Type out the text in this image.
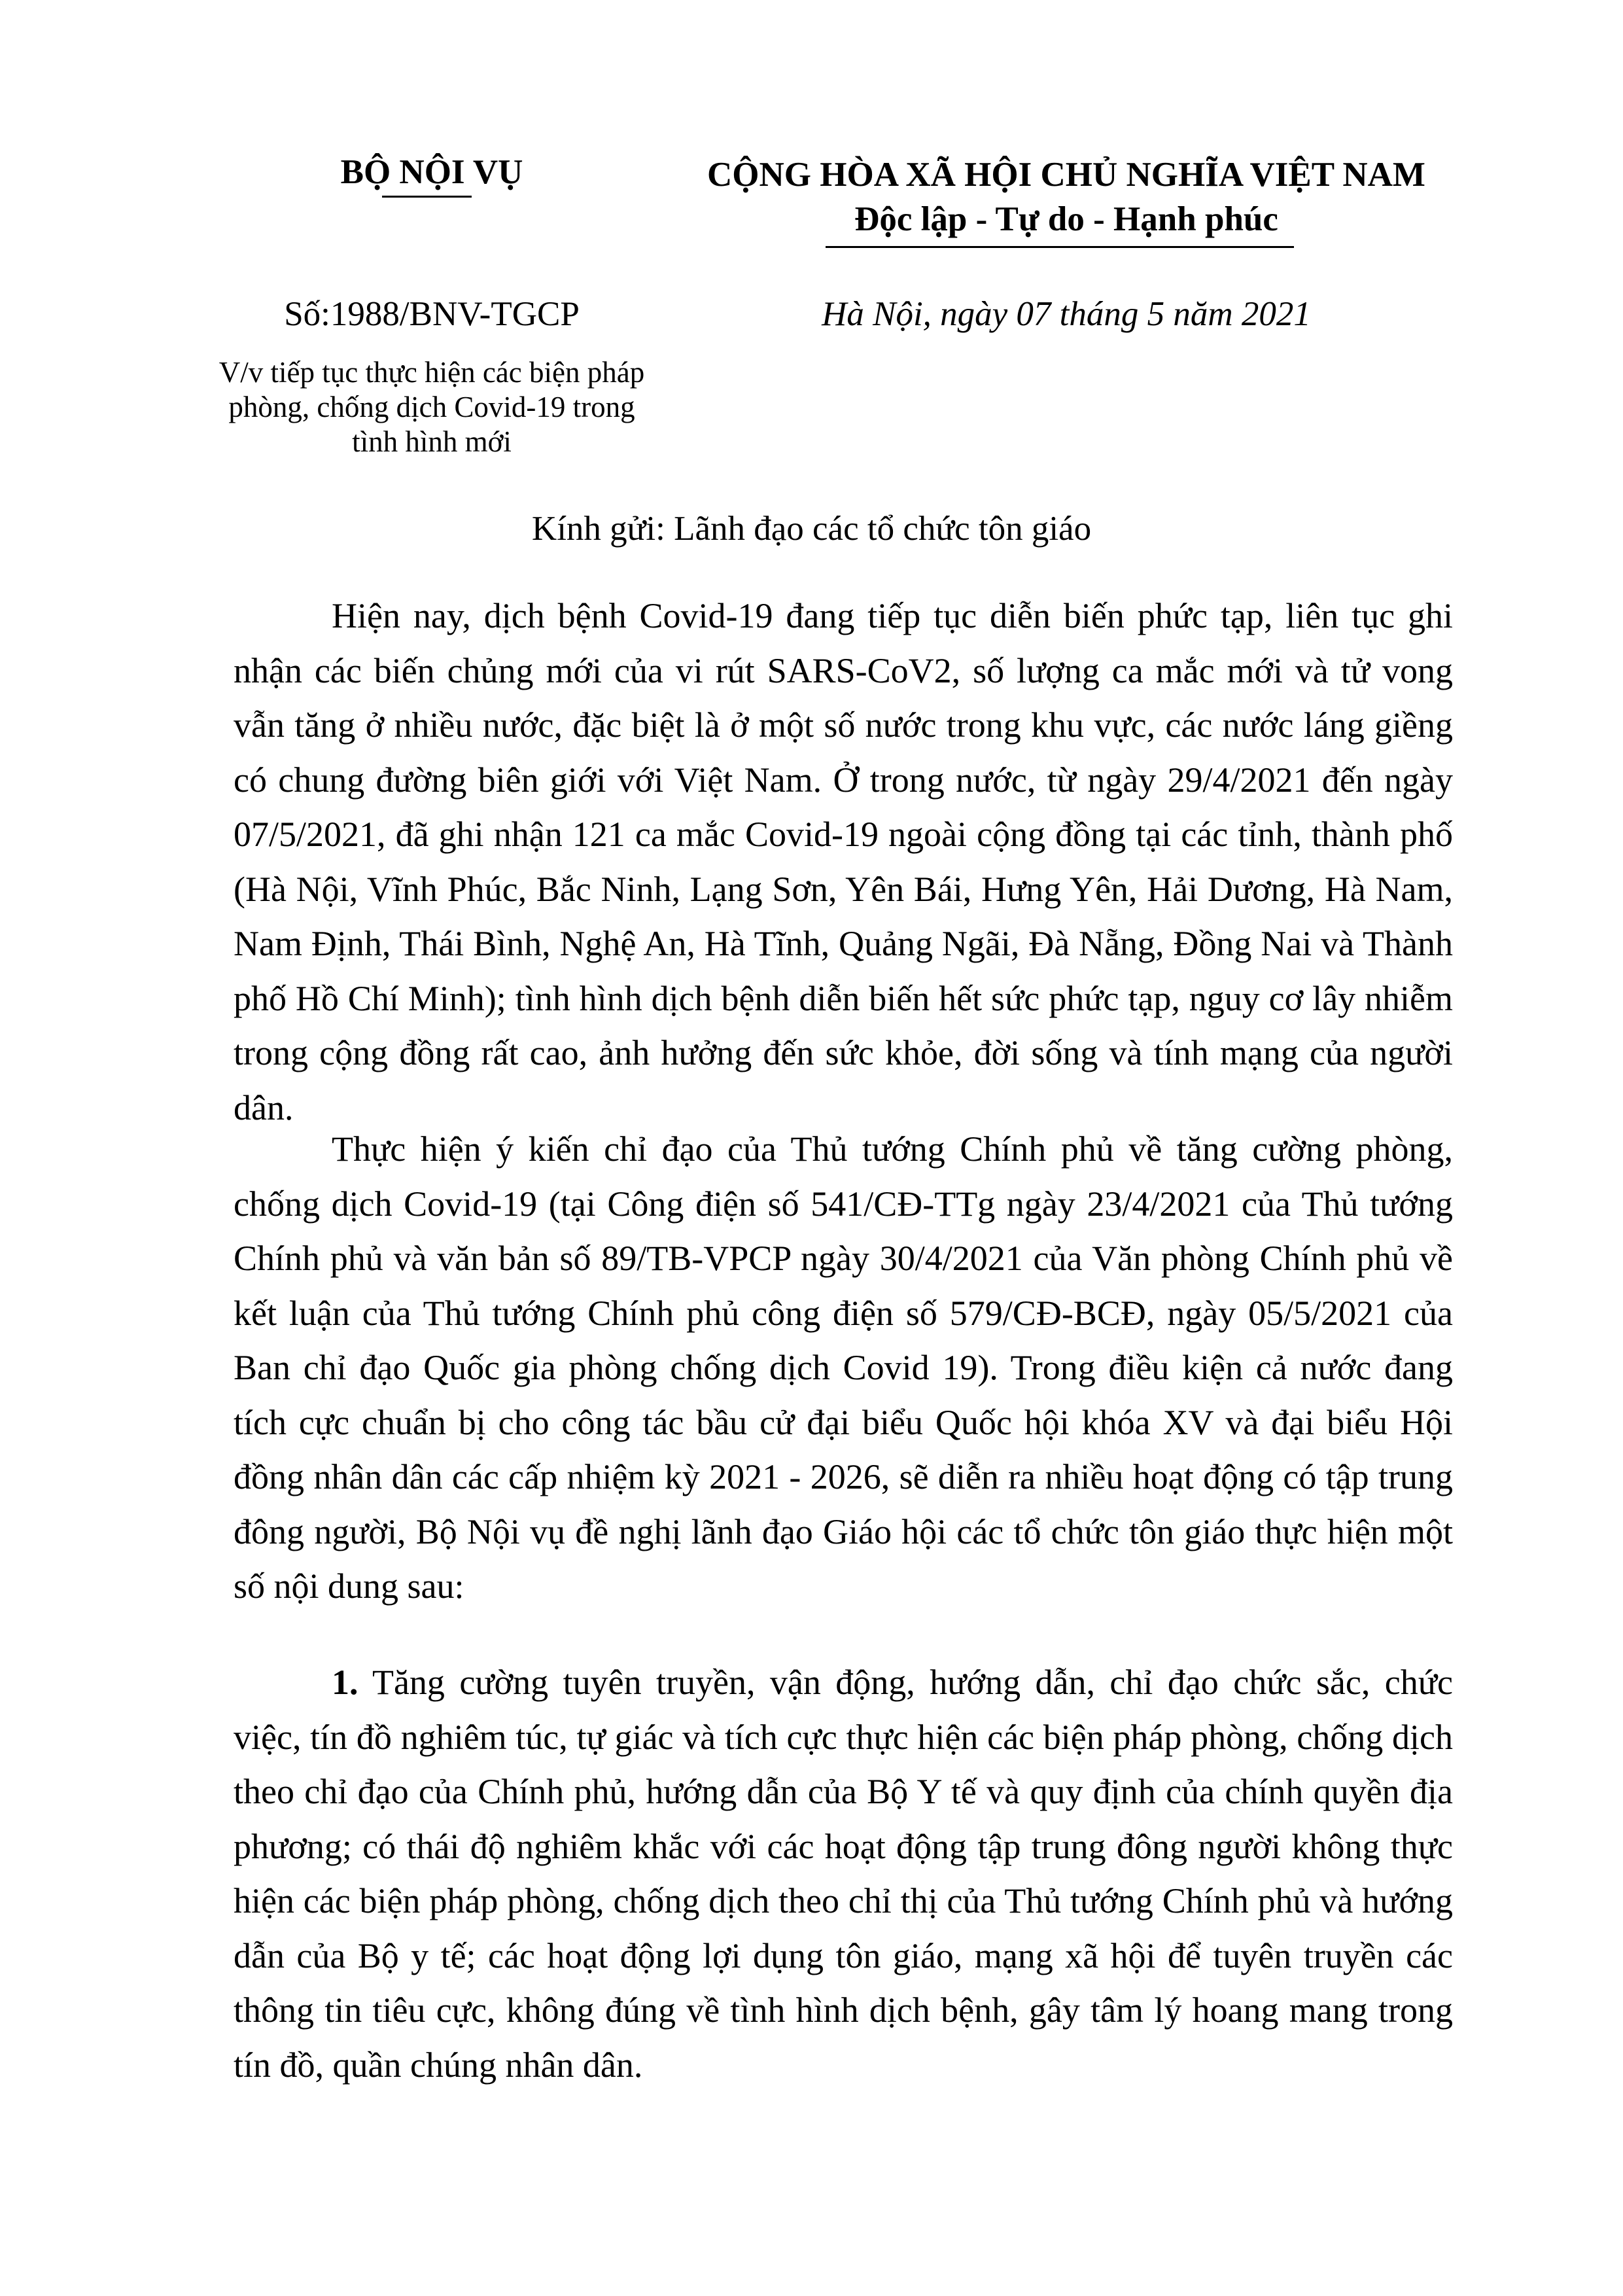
BỘ NỘI VỤ	CỘNG HÒA XÃ HỘI CHỦ NGHĨA VIỆT NAM
Độc lập - Tự do - Hạnh phúc
Số:1988/BNV-TGCP	Hà Nội, ngày 07 tháng 5 năm 2021
V/v tiếp tục thực hiện các biện pháp phòng, chống dịch Covid-19 trong tình hình mới
Kính gửi: Lãnh đạo các tổ chức tôn giáo

Hiện nay, dịch bệnh Covid-19 đang tiếp tục diễn biến phức tạp, liên tục ghi nhận các biến chủng mới của vi rút SARS-CoV2, số lượng ca mắc mới và tử vong vẫn tăng ở nhiều nước, đặc biệt là ở một số nước trong khu vực, các nước láng giềng có chung đường biên giới với Việt Nam. Ở trong nước, từ ngày 29/4/2021 đến ngày 07/5/2021, đã ghi nhận 121 ca mắc Covid-19 ngoài cộng đồng tại các tỉnh, thành phố (Hà Nội, Vĩnh Phúc, Bắc Ninh, Lạng Sơn, Yên Bái, Hưng Yên, Hải Dương, Hà Nam, Nam Định, Thái Bình, Nghệ An, Hà Tĩnh, Quảng Ngãi, Đà Nẵng, Đồng Nai và Thành phố Hồ Chí Minh); tình hình dịch bệnh diễn biến hết sức phức tạp, nguy cơ lây nhiễm trong cộng đồng rất cao, ảnh hưởng đến sức khỏe, đời sống và tính mạng của người dân.

Thực hiện ý kiến chỉ đạo của Thủ tướng Chính phủ về tăng cường phòng, chống dịch Covid-19 (tại Công điện số 541/CĐ-TTg ngày 23/4/2021 của Thủ tướng Chính phủ và văn bản số 89/TB-VPCP ngày 30/4/2021 của Văn phòng Chính phủ về kết luận của Thủ tướng Chính phủ công điện số 579/CĐ-BCĐ, ngày 05/5/2021 của Ban chỉ đạo Quốc gia phòng chống dịch Covid 19). Trong điều kiện cả nước đang tích cực chuẩn bị cho công tác bầu cử đại biểu Quốc hội khóa XV và đại biểu Hội đồng nhân dân các cấp nhiệm kỳ 2021 - 2026, sẽ diễn ra nhiều hoạt động có tập trung đông người, Bộ Nội vụ đề nghị lãnh đạo Giáo hội các tổ chức tôn giáo thực hiện một số nội dung sau:

1. Tăng cường tuyên truyền, vận động, hướng dẫn, chỉ đạo chức sắc, chức việc, tín đồ nghiêm túc, tự giác và tích cực thực hiện các biện pháp phòng, chống dịch theo chỉ đạo của Chính phủ, hướng dẫn của Bộ Y tế và quy định của chính quyền địa phương; có thái độ nghiêm khắc với các hoạt động tập trung đông người không thực hiện các biện pháp phòng, chống dịch theo chỉ thị của Thủ tướng Chính phủ và hướng dẫn của Bộ y tế; các hoạt động lợi dụng tôn giáo, mạng xã hội để tuyên truyền các thông tin tiêu cực, không đúng về tình hình dịch bệnh, gây tâm lý hoang mang trong tín đồ, quần chúng nhân dân.
